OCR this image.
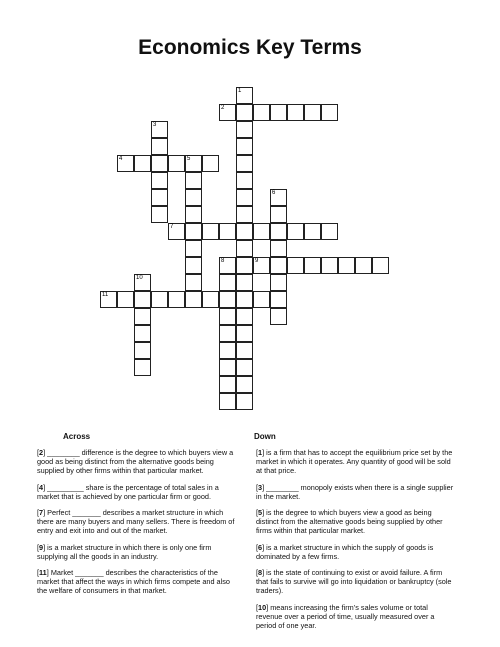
Economics Key Terms
1
2
3
4	5
6
7
8	9
10
11
Across	Down

[2] ________ difference is the degree to which buyers view a good as being distinct from the alternative goods being supplied by other firms within that particular market.

[4] _________ share is the percentage of total sales in a market that is achieved by one particular firm or good.

[7] Perfect _______ describes a market structure in which there are many buyers and many sellers. There is freedom of entry and exit into and out of the market.

[9] is a market structure in which there is only one firm supplying all the goods in an industry.

[11] Market _______ describes the characteristics of the market that affect the ways in which firms compete and also the welfare of consumers in that market.

[1] is a firm that has to accept the equilibrium price set by the market in which it operates. Any quantity of good will be sold at that price.

[3] ________ monopoly exists when there is a single supplier in the market.

[5] is the degree to which buyers view a good as being distinct from the alternative goods being supplied by other firms within that particular market.

[6] is a market structure in which the supply of goods is dominated by a few firms.

[8] is the state of continuing to exist or avoid failure. A firm that fails to survive will go into liquidation or bankruptcy (sole traders).

[10] means increasing the firm’s sales volume or total revenue over a period of time, usually measured over a period of one year.
